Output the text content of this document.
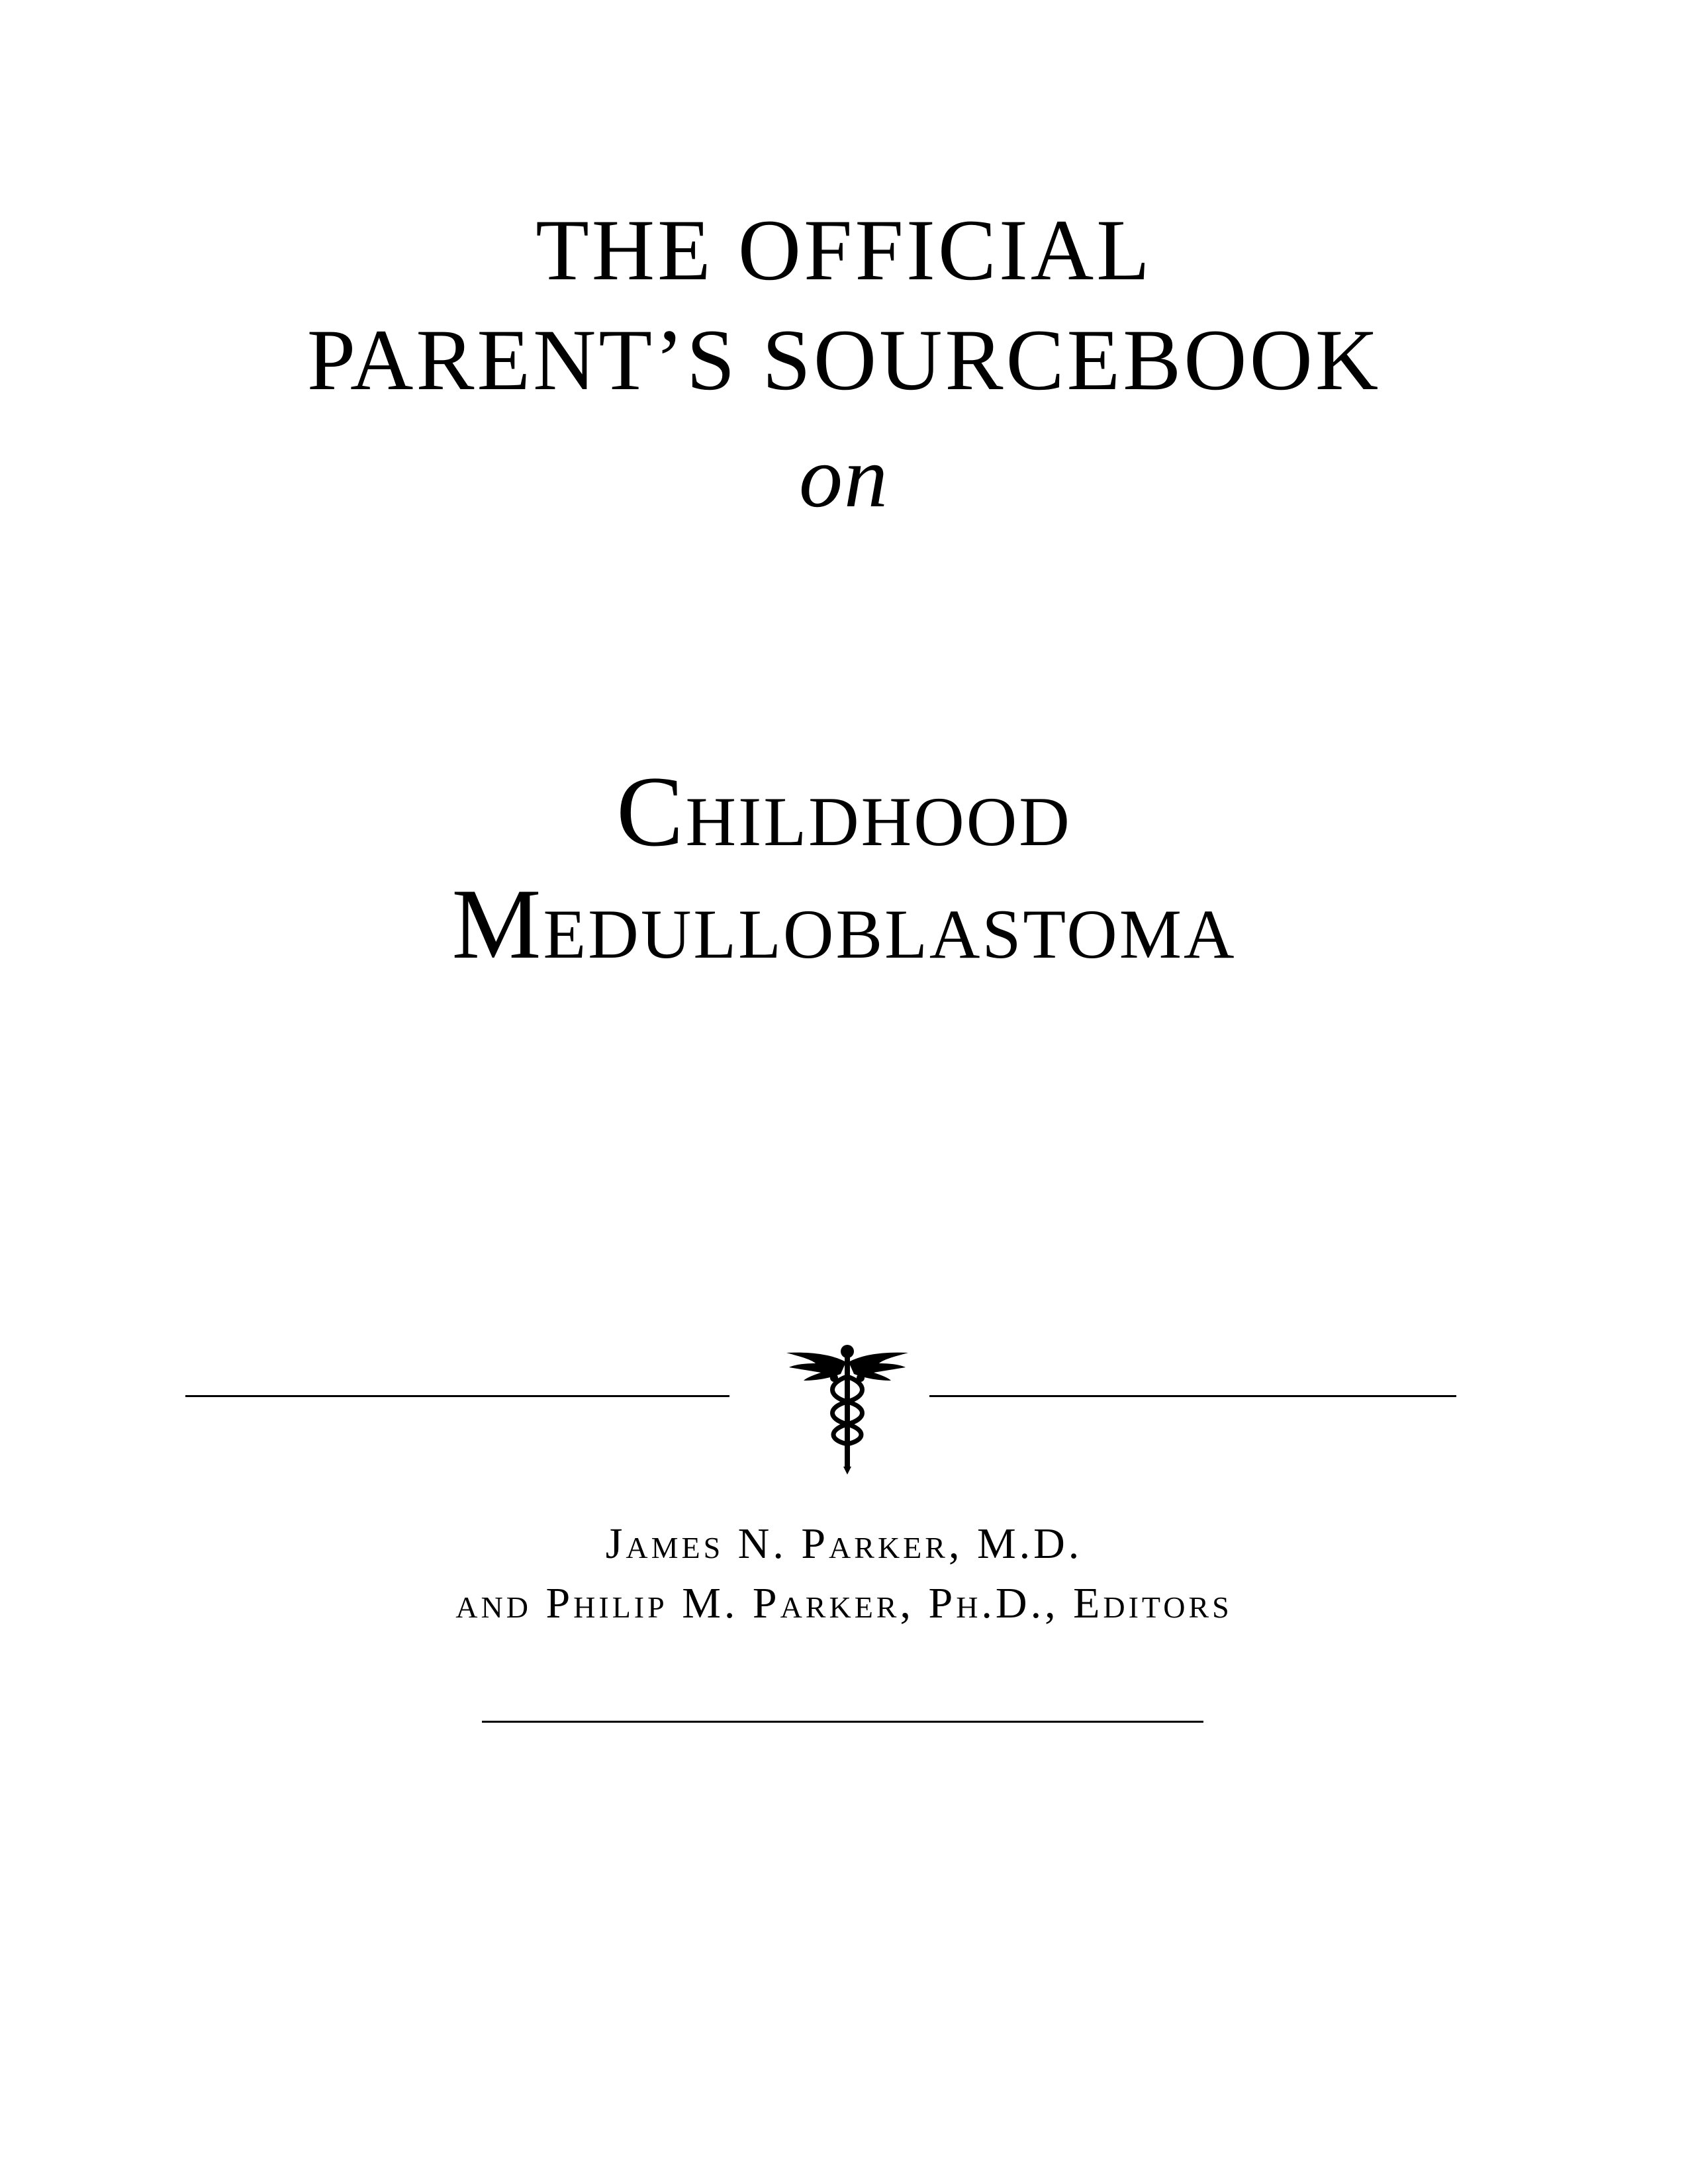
THE OFFICIAL
PARENT’S SOURCEBOOK
on
Childhood
Medulloblastoma
James N. Parker, M.D.
and Philip M. Parker, Ph.D., Editors
